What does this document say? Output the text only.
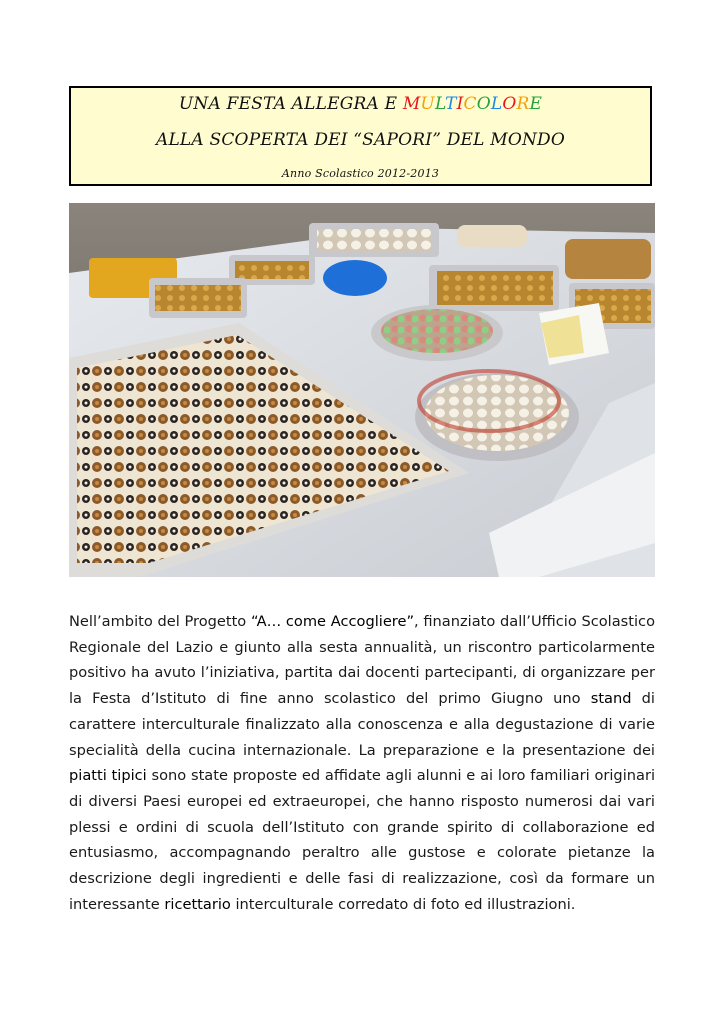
UNA FESTA ALLEGRA E MULTICOLORE
ALLA SCOPERTA DEI “SAPORI” DEL MONDO
Anno Scolastico 2012-2013
Nell’ambito del Progetto “A… come Accogliere”, finanziato dall’Ufficio Scolastico Regionale del Lazio e giunto alla sesta annualità, un riscontro particolarmente positivo ha avuto l’iniziativa, partita dai docenti partecipanti, di organizzare per la Festa d’Istituto di fine anno scolastico del primo Giugno uno stand di carattere interculturale finalizzato alla conoscenza e alla degustazione di varie specialità della cucina internazionale. La preparazione e la presentazione dei piatti tipici sono state proposte ed affidate agli alunni e ai loro familiari originari di diversi Paesi europei ed extraeuropei, che hanno risposto numerosi dai vari plessi e ordini di scuola dell’Istituto con grande spirito di collaborazione ed entusiasmo, accompagnando peraltro alle gustose e colorate pietanze la descrizione degli ingredienti e delle fasi di realizzazione, così da formare un interessante ricettario interculturale corredato di foto ed illustrazioni.
